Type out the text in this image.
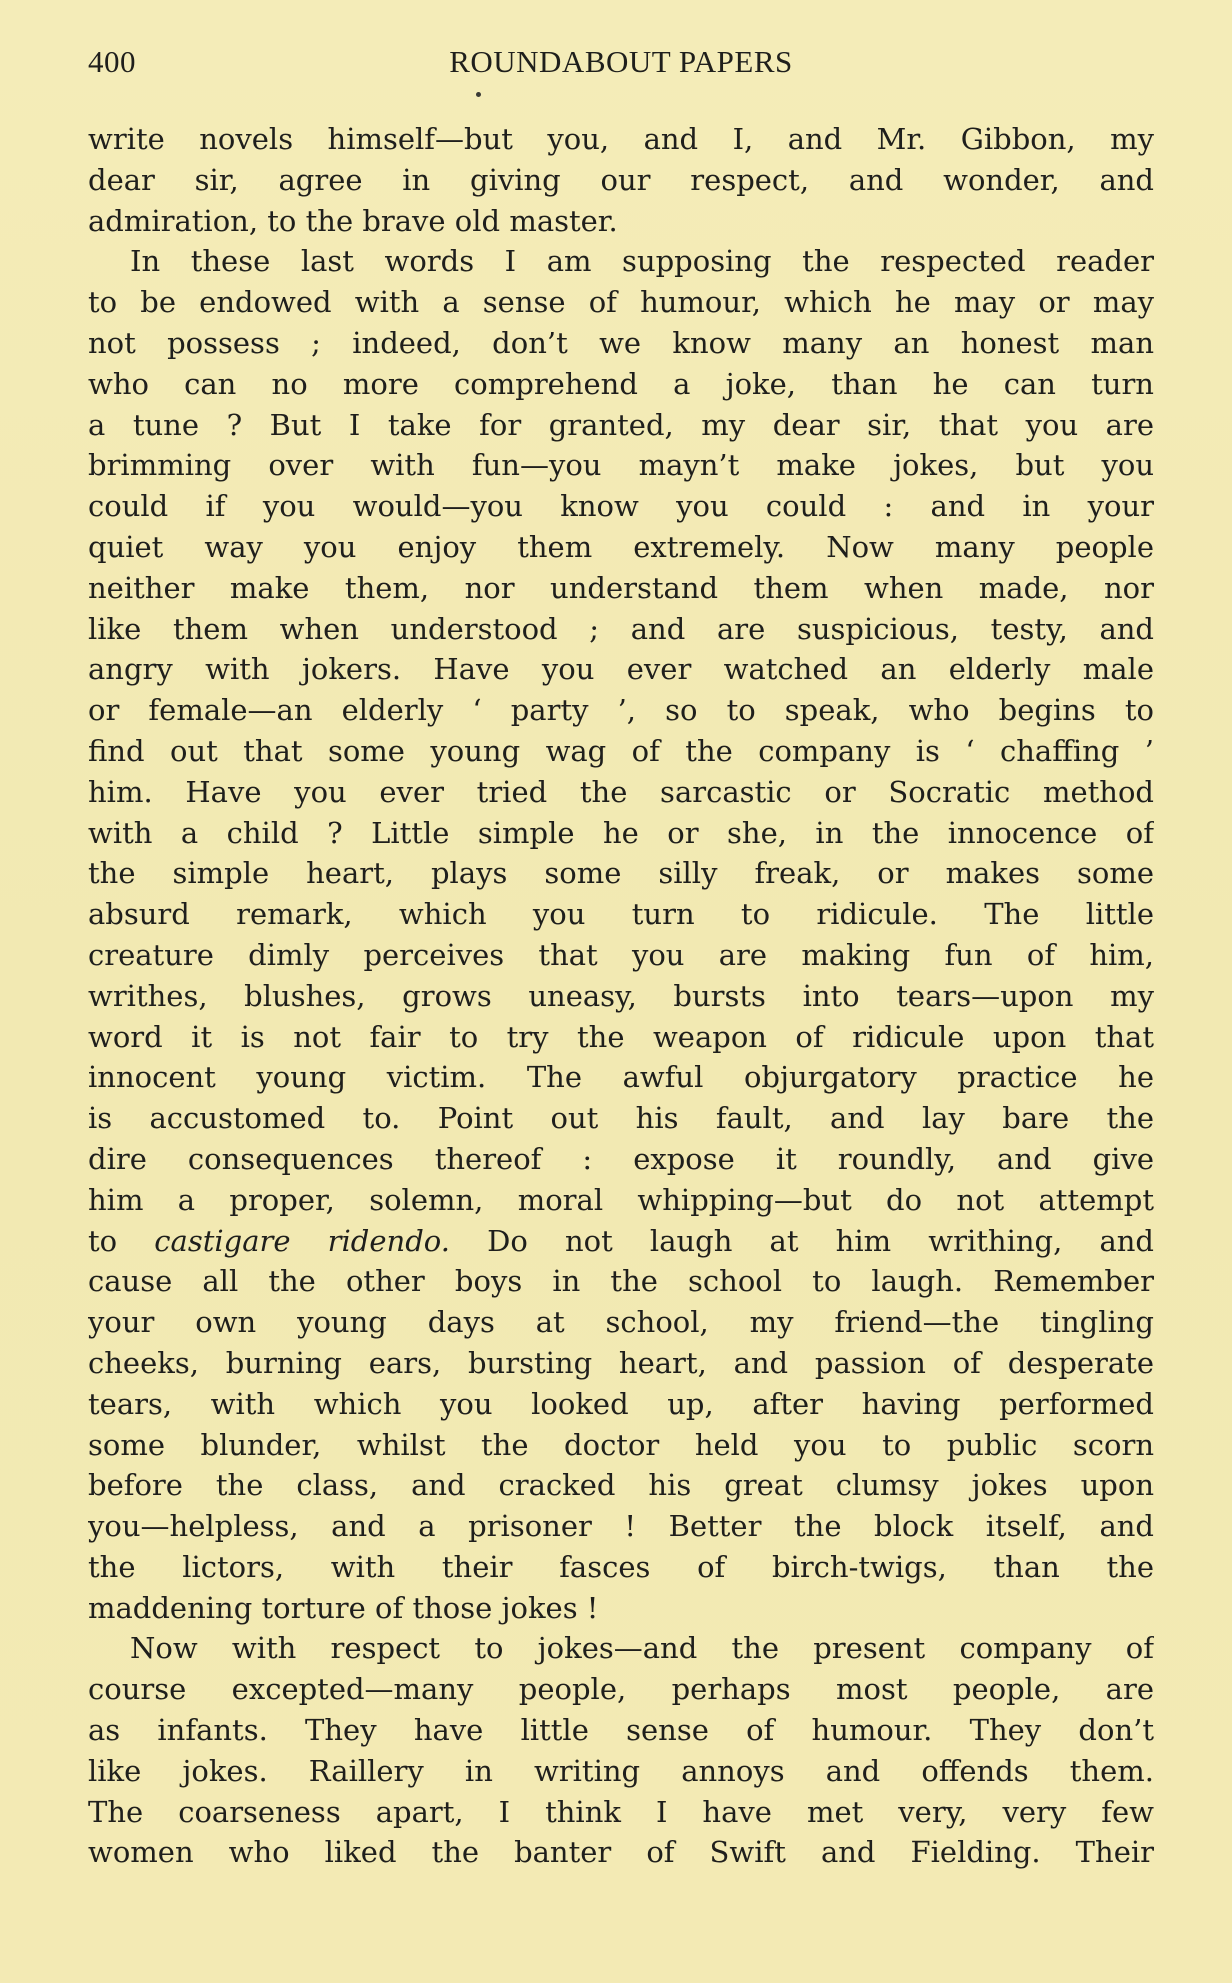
400	ROUNDABOUT PAPERS
write novels himself—but you, and I, and Mr. Gibbon, my
dear sir, agree in giving our respect, and wonder, and
admiration, to the brave old master.
In these last words I am supposing the respected reader
to be endowed with a sense of humour, which he may or may
not possess ; indeed, don’t we know many an honest man
who can no more comprehend a joke, than he can turn
a tune ? But I take for granted, my dear sir, that you are
brimming over with fun—you mayn’t make jokes, but you
could if you would—you know you could : and in your
quiet way you enjoy them extremely. Now many people
neither make them, nor understand them when made, nor
like them when understood ; and are suspicious, testy, and
angry with jokers. Have you ever watched an elderly male
or female—an elderly ‘ party ’, so to speak, who begins to
find out that some young wag of the company is ‘ chaffing ’
him. Have you ever tried the sarcastic or Socratic method
with a child ? Little simple he or she, in the innocence of
the simple heart, plays some silly freak, or makes some
absurd remark, which you turn to ridicule. The little
creature dimly perceives that you are making fun of him,
writhes, blushes, grows uneasy, bursts into tears—upon my
word it is not fair to try the weapon of ridicule upon that
innocent young victim. The awful objurgatory practice he
is accustomed to. Point out his fault, and lay bare the
dire consequences thereof : expose it roundly, and give
him a proper, solemn, moral whipping—but do not attempt
to castigare ridendo. Do not laugh at him writhing, and
cause all the other boys in the school to laugh. Remember
your own young days at school, my friend—the tingling
cheeks, burning ears, bursting heart, and passion of desperate
tears, with which you looked up, after having performed
some blunder, whilst the doctor held you to public scorn
before the class, and cracked his great clumsy jokes upon
you—helpless, and a prisoner ! Better the block itself, and
the lictors, with their fasces of birch-twigs, than the
maddening torture of those jokes !
Now with respect to jokes—and the present company of
course excepted—many people, perhaps most people, are
as infants. They have little sense of humour. They don’t
like jokes. Raillery in writing annoys and offends them.
The coarseness apart, I think I have met very, very few
women who liked the banter of Swift and Fielding. Their
